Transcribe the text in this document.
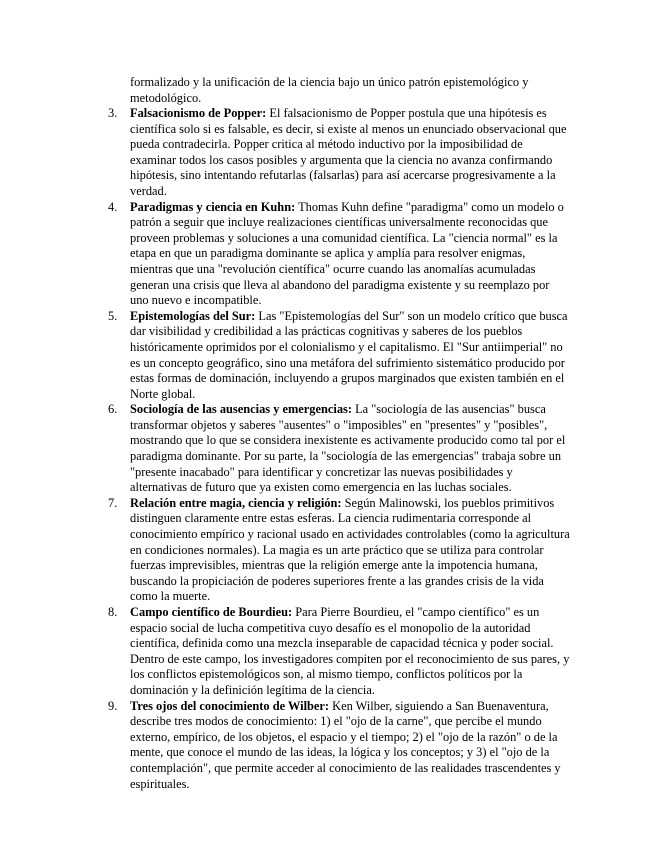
formalizado y la unificación de la ciencia bajo un único patrón epistemológico y metodológico.

3.	Falsacionismo de Popper: El falsacionismo de Popper postula que una hipótesis es científica solo si es falsable, es decir, si existe al menos un enunciado observacional que pueda contradecirla. Popper critica al método inductivo por la imposibilidad de examinar todos los casos posibles y argumenta que la ciencia no avanza confirmando hipótesis, sino intentando refutarlas (falsarlas) para así acercarse progresivamente a la verdad.
4.	Paradigmas y ciencia en Kuhn: Thomas Kuhn define "paradigma" como un modelo o patrón a seguir que incluye realizaciones científicas universalmente reconocidas que proveen problemas y soluciones a una comunidad científica. La "ciencia normal" es la etapa en que un paradigma dominante se aplica y amplía para resolver enigmas, mientras que una "revolución científica" ocurre cuando las anomalías acumuladas generan una crisis que lleva al abandono del paradigma existente y su reemplazo por uno nuevo e incompatible.
5.	Epistemologías del Sur: Las "Epistemologías del Sur" son un modelo crítico que busca dar visibilidad y credibilidad a las prácticas cognitivas y saberes de los pueblos históricamente oprimidos por el colonialismo y el capitalismo. El "Sur antiimperial" no es un concepto geográfico, sino una metáfora del sufrimiento sistemático producido por estas formas de dominación, incluyendo a grupos marginados que existen también en el Norte global.
6.	Sociología de las ausencias y emergencias: La "sociología de las ausencias" busca transformar objetos y saberes "ausentes" o "imposibles" en "presentes" y "posibles", mostrando que lo que se considera inexistente es activamente producido como tal por el paradigma dominante. Por su parte, la "sociología de las emergencias" trabaja sobre un "presente inacabado" para identificar y concretizar las nuevas posibilidades y alternativas de futuro que ya existen como emergencia en las luchas sociales.
7.	Relación entre magia, ciencia y religión: Según Malinowski, los pueblos primitivos distinguen claramente entre estas esferas. La ciencia rudimentaria corresponde al conocimiento empírico y racional usado en actividades controlables (como la agricultura en condiciones normales). La magia es un arte práctico que se utiliza para controlar fuerzas imprevisibles, mientras que la religión emerge ante la impotencia humana, buscando la propiciación de poderes superiores frente a las grandes crisis de la vida como la muerte.
8.	Campo científico de Bourdieu: Para Pierre Bourdieu, el "campo científico" es un espacio social de lucha competitiva cuyo desafío es el monopolio de la autoridad científica, definida como una mezcla inseparable de capacidad técnica y poder social. Dentro de este campo, los investigadores compiten por el reconocimiento de sus pares, y los conflictos epistemológicos son, al mismo tiempo, conflictos políticos por la dominación y la definición legítima de la ciencia.
9.	Tres ojos del conocimiento de Wilber: Ken Wilber, siguiendo a San Buenaventura, describe tres modos de conocimiento: 1) el "ojo de la carne", que percibe el mundo externo, empírico, de los objetos, el espacio y el tiempo; 2) el "ojo de la razón" o de la mente, que conoce el mundo de las ideas, la lógica y los conceptos; y 3) el "ojo de la contemplación", que permite acceder al conocimiento de las realidades trascendentes y espirituales.
